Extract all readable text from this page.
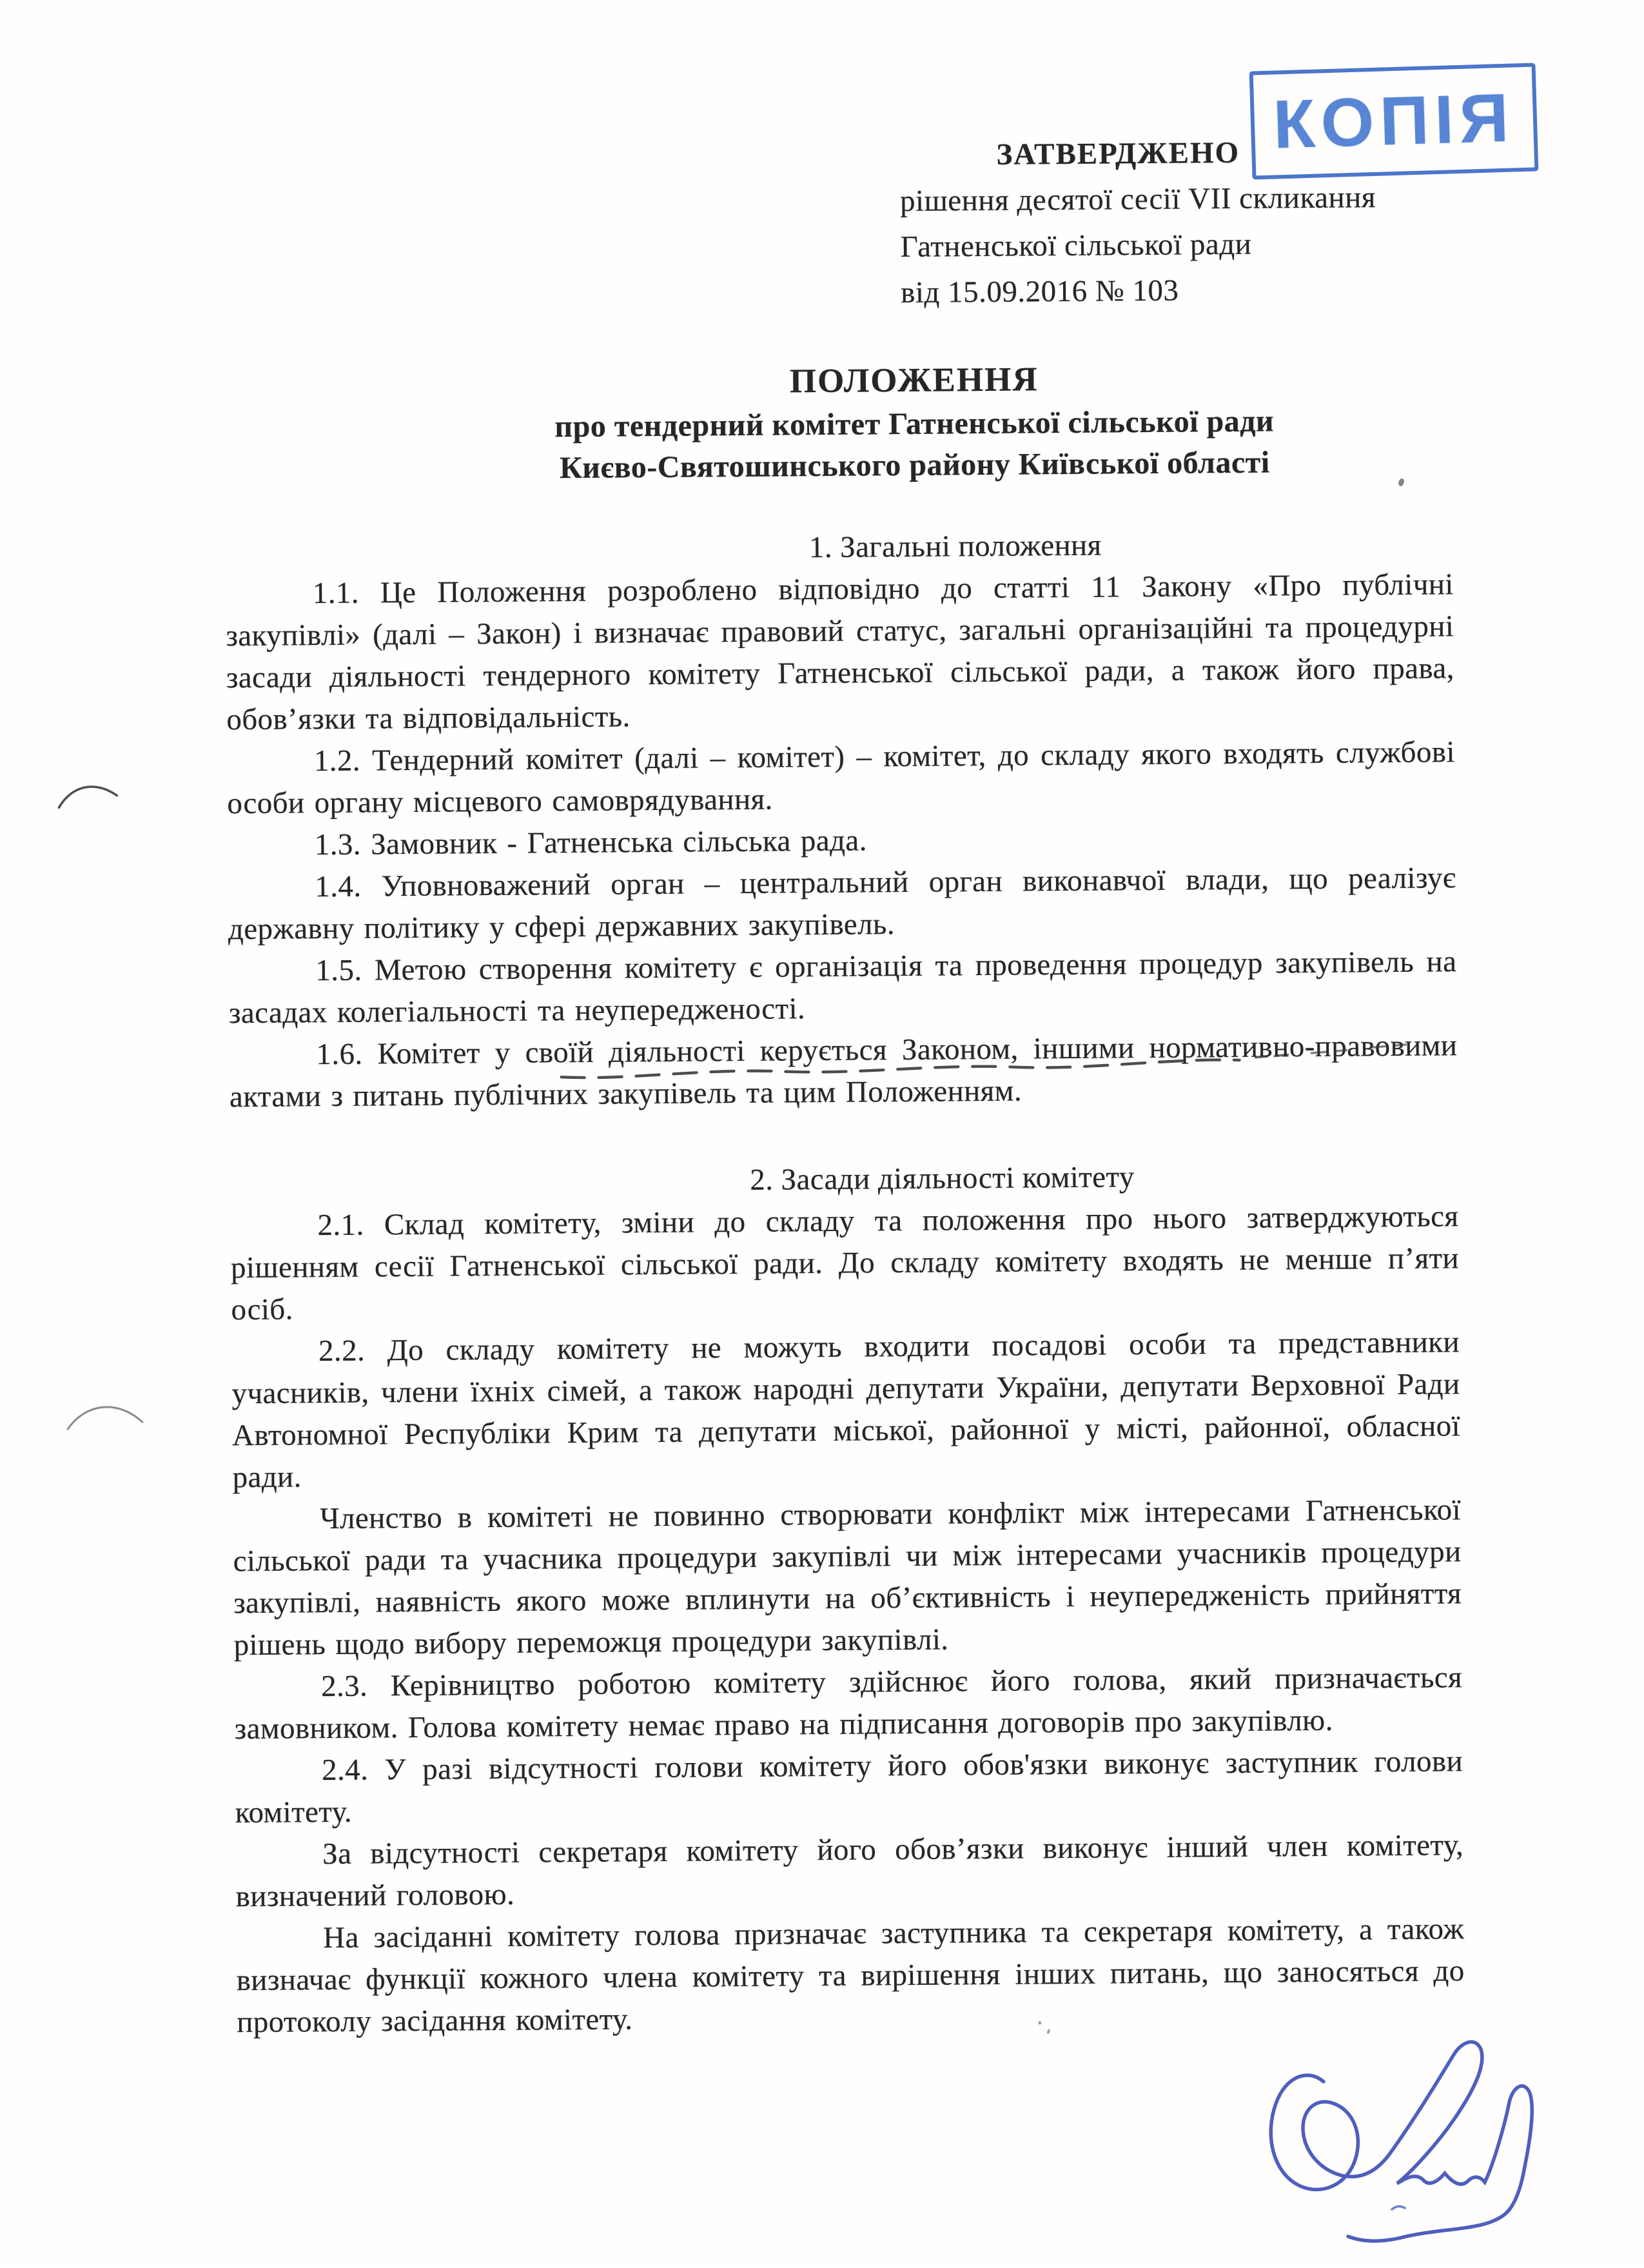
ЗАТВЕРДЖЕНО
рішення десятої сесії VII скликання
Гатненської сільської ради
від 15.09.2016 № 103
ПОЛОЖЕННЯ
про тендерний комітет Гатненської сільської ради
Києво-Святошинського району Київської області
1. Загальні положення

1.1. Це Положення розроблено відповідно до статті 11 Закону «Про публічні закупівлі» (далі – Закон) і визначає правовий статус, загальні організаційні та процедурні засади діяльності тендерного комітету Гатненської сільської ради, а також його права, обов’язки та відповідальність.

1.2. Тендерний комітет (далі – комітет) – комітет, до складу якого входять службові особи органу місцевого самоврядування.

1.3. Замовник - Гатненська сільська рада.

1.4. Уповноважений орган – центральний орган виконавчої влади, що реалізує державну політику у сфері державних закупівель.

1.5. Метою створення комітету є організація та проведення процедур закупівель на засадах колегіальності та неупередженості.

1.6. Комітет у своїй діяльності керується Законом, іншими нормативно-правовими актами з питань публічних закупівель та цим Положенням.

2. Засади діяльності комітету

2.1. Склад комітету, зміни до складу та положення про нього затверджуються рішенням сесії Гатненської сільської ради. До складу комітету входять не менше п’яти осіб.

2.2. До складу комітету не можуть входити посадові особи та представники учасників, члени їхніх сімей, а також народні депутати України, депутати Верховної Ради Автономної Республіки Крим та депутати міської, районної у місті, районної, обласної ради.

Членство в комітеті не повинно створювати конфлікт між інтересами Гатненської сільської ради та учасника процедури закупівлі чи між інтересами учасників процедури закупівлі, наявність якого може вплинути на об’єктивність і неупередженість прийняття рішень щодо вибору переможця процедури закупівлі.

2.3. Керівництво роботою комітету здійснює його голова, який призначається замовником. Голова комітету немає право на підписання договорів про закупівлю.

2.4. У разі відсутності голови комітету його обов'язки виконує заступник голови комітету.

За відсутності секретаря комітету його обов’язки виконує інший член комітету, визначений головою.

На засіданні комітету голова призначає заступника та секретаря комітету, а також визначає функції кожного члена комітету та вирішення інших питань, що заносяться до протоколу засідання комітету.

КОПІЯ
